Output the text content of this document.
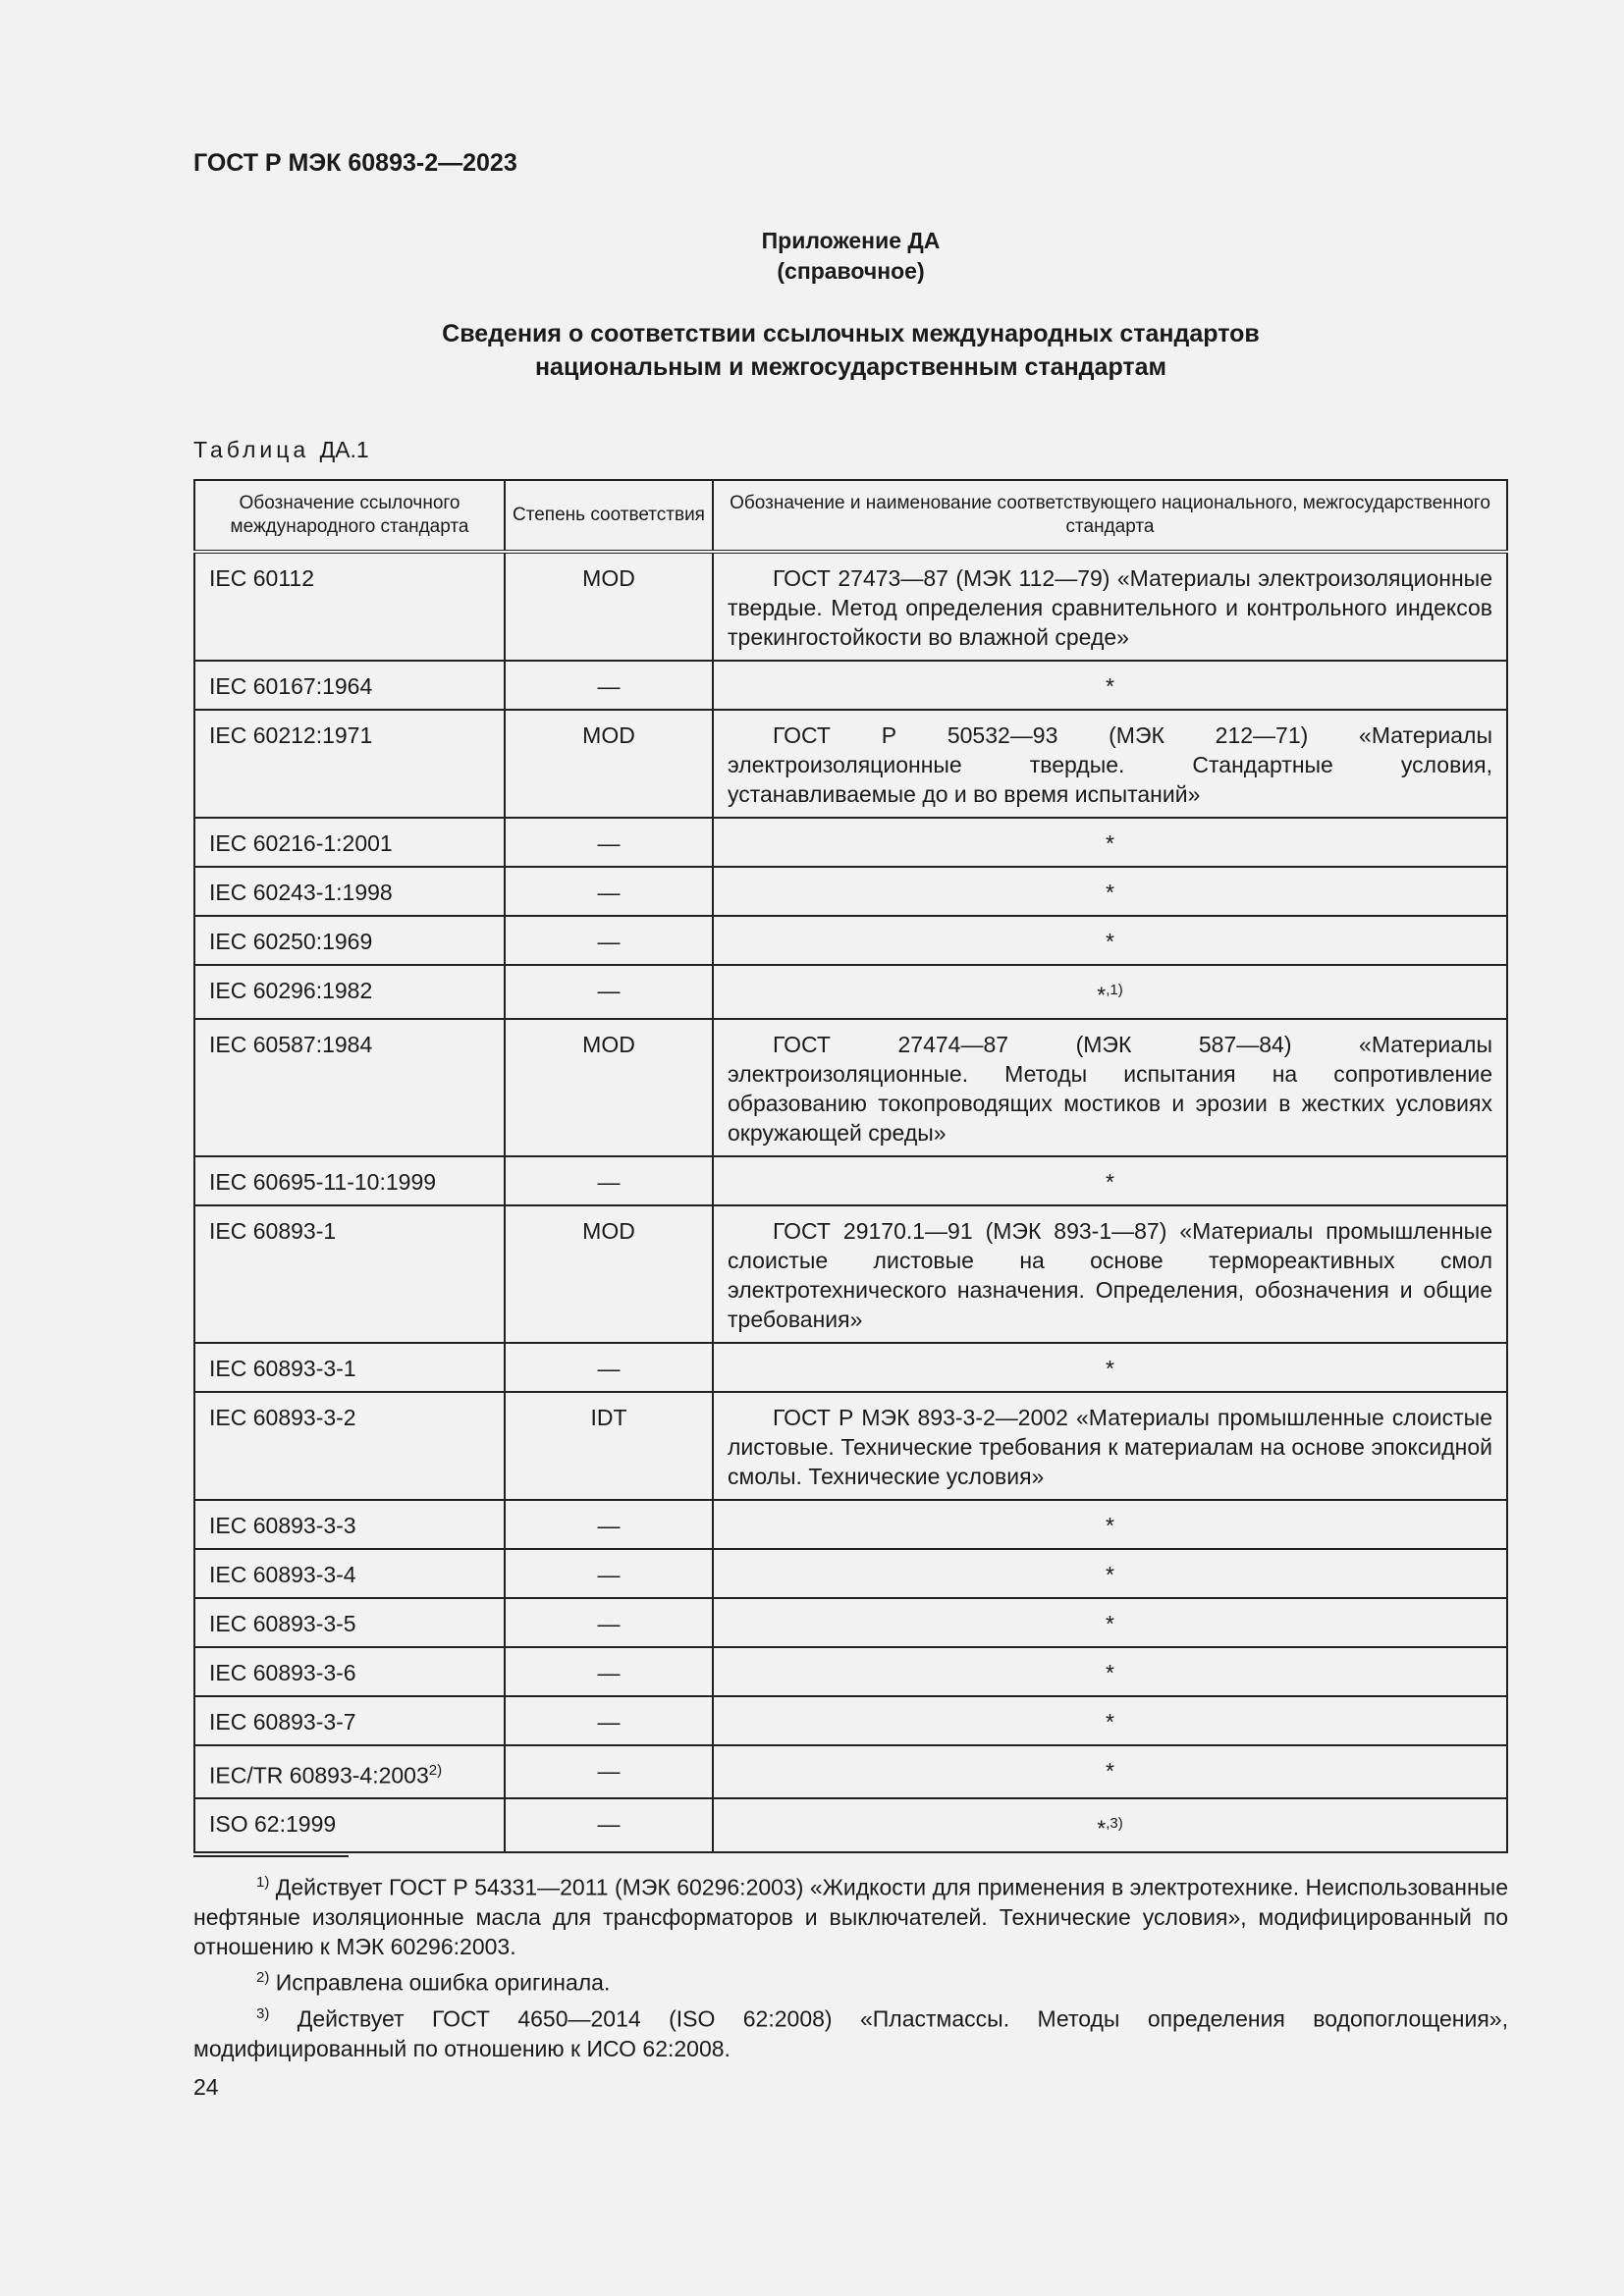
ГОСТ Р МЭК 60893-2—2023
Приложение ДА
(справочное)
Сведения о соответствии ссылочных международных стандартов
национальным и межгосударственным стандартам
Таблица ДА.1
Обозначение ссылочного международного стандарта	Степень соответствия	Обозначение и наименование соответствующего национального, межгосударственного стандарта
IEC 60112	MOD	ГОСТ 27473—87 (МЭК 112—79) «Материалы электроизоляционные твердые. Метод определения сравнительного и контрольного индексов трекингостойкости во влажной среде»
IEC 60167:1964	—	*
IEC 60212:1971	MOD	ГОСТ Р 50532—93 (МЭК 212—71) «Материалы электроизоляционные твердые. Стандартные условия, устанавливаемые до и во время испытаний»
IEC 60216-1:2001	—	*
IEC 60243-1:1998	—	*
IEC 60250:1969	—	*
IEC 60296:1982	—	*$^{,1)}$
IEC 60587:1984	MOD	ГОСТ 27474—87 (МЭК 587—84) «Материалы электроизоляционные. Методы испытания на сопротивление образованию токопроводящих мостиков и эрозии в жестких условиях окружающей среды»
IEC 60695-11-10:1999	—	*
IEC 60893-1	MOD	ГОСТ 29170.1—91 (МЭК 893-1—87) «Материалы промышленные слоистые листовые на основе термореактивных смол электротехнического назначения. Определения, обозначения и общие требования»
IEC 60893-3-1	—	*
IEC 60893-3-2	IDT	ГОСТ Р МЭК 893-3-2—2002 «Материалы промышленные слоистые листовые. Технические требования к материалам на основе эпоксидной смолы. Технические условия»
IEC 60893-3-3	—	*
IEC 60893-3-4	—	*
IEC 60893-3-5	—	*
IEC 60893-3-6	—	*
IEC 60893-3-7	—	*
IEC/TR 60893-4:2003$^{2)}$	—	*
ISO 62:1999	—	*$^{,3)}$
$^{1)}$ Действует ГОСТ Р 54331—2011 (МЭК 60296:2003) «Жидкости для применения в электротехнике. Неиспользованные нефтяные изоляционные масла для трансформаторов и выключателей. Технические условия», модифицированный по отношению к МЭК 60296:2003.
$^{2)}$ Исправлена ошибка оригинала.
$^{3)}$ Действует ГОСТ 4650—2014 (ISO 62:2008) «Пластмассы. Методы определения водопоглощения», модифицированный по отношению к ИСО 62:2008.
24
